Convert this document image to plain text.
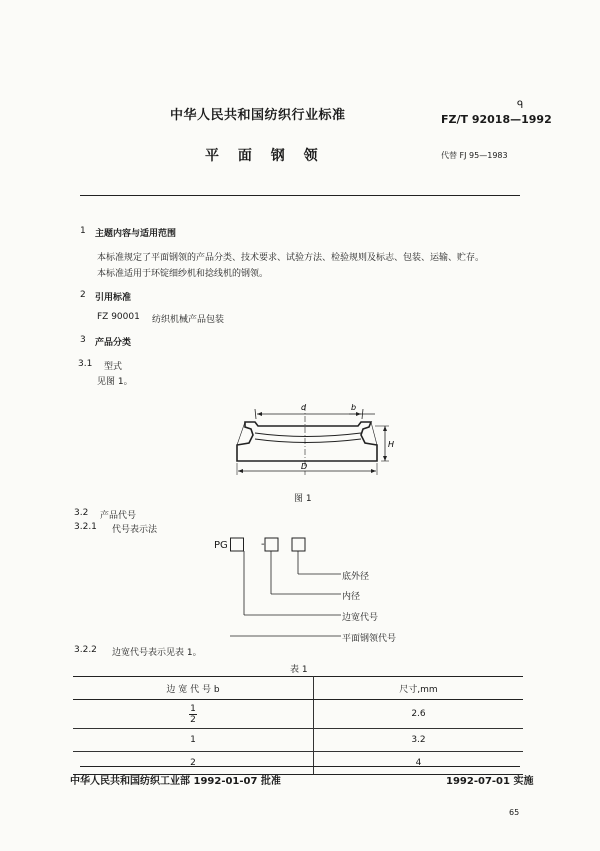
中华人民共和国纺织行业标准	FZ/T 92018—1992
ᑫ
平 面 钢 领	代替 FJ 95—1983
1 主题内容与适用范围
本标准规定了平面钢领的产品分类、技术要求、试验方法、检验规则及标志、包装、运输、贮存。
本标准适用于环锭细纱机和捻线机的钢领。
2 引用标准
FZ 90001 纺织机械产品包装
3 产品分类
3.1 型式
见图 1。
d	b
H
D
图 1
3.2 产品代号
3.2.1 代号表示法
PG	-
底外径
内径
边宽代号
平面钢领代号
3.2.2 边宽代号表示见表 1。
表 1
边 宽 代 号 b	尺寸,mm
$\frac{1}{2}$	2.6
1	3.2
2	4
中华人民共和国纺织工业部 1992-01-07 批准	1992-07-01 实施
65
